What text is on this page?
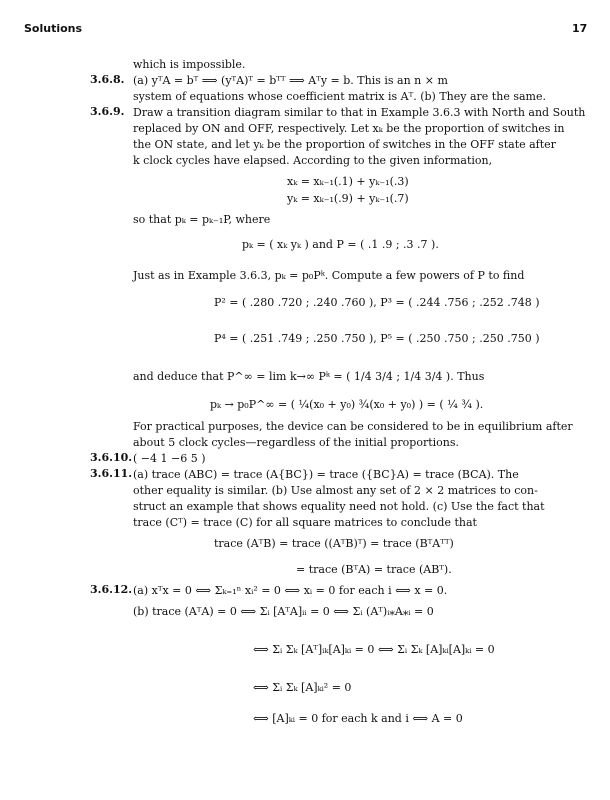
Solutions	17
which is impossible.
3.6.8. (a) yᵀA = bᵀ ⟹ (yᵀA)ᵀ = bᵀᵀ ⟹ Aᵀy = b. This is an n × m
system of equations whose coefficient matrix is Aᵀ. (b) They are the same.
3.6.9. Draw a transition diagram similar to that in Example 3.6.3 with North and South
replaced by ON and OFF, respectively. Let xₖ be the proportion of switches in
the ON state, and let yₖ be the proportion of switches in the OFF state after
k clock cycles have elapsed. According to the given information,
xₖ = xₖ₋₁(.1) + yₖ₋₁(.3)
yₖ = xₖ₋₁(.9) + yₖ₋₁(.7)
so that pₖ = pₖ₋₁P, where
pₖ = ( xₖ yₖ ) and P = ( .1 .9 ; .3 .7 ).
Just as in Example 3.6.3, pₖ = p₀Pᵏ. Compute a few powers of P to find
P² = ( .280 .720 ; .240 .760 ), P³ = ( .244 .756 ; .252 .748 )
P⁴ = ( .251 .749 ; .250 .750 ), P⁵ = ( .250 .750 ; .250 .750 )
and deduce that P^∞ = lim k→∞ Pᵏ = ( 1/4 3/4 ; 1/4 3/4 ). Thus
pₖ → p₀P^∞ = ( ¼(x₀ + y₀) ¾(x₀ + y₀) ) = ( ¼ ¾ ).
For practical purposes, the device can be considered to be in equilibrium after
about 5 clock cycles—regardless of the initial proportions.
3.6.10. ( −4 1 −6 5 )
3.6.11. (a) trace (ABC) = trace (A{BC}) = trace ({BC}A) = trace (BCA). The
other equality is similar. (b) Use almost any set of 2 × 2 matrices to con-
struct an example that shows equality need not hold. (c) Use the fact that
trace (Cᵀ) = trace (C) for all square matrices to conclude that
trace (AᵀB) = trace ((AᵀB)ᵀ) = trace (BᵀAᵀᵀ)
= trace (BᵀA) = trace (ABᵀ).
3.6.12. (a) xᵀx = 0 ⟺ Σₖ₌₁ⁿ xᵢ² = 0 ⟺ xᵢ = 0 for each i ⟺ x = 0.
(b) trace (AᵀA) = 0 ⟺ Σᵢ [AᵀA]ᵢᵢ = 0 ⟺ Σᵢ (Aᵀ)ᵢ⁎A⁎ᵢ = 0
⟺ Σᵢ Σₖ [Aᵀ]ᵢₖ[A]ₖᵢ = 0 ⟺ Σᵢ Σₖ [A]ₖᵢ[A]ₖᵢ = 0
⟺ Σᵢ Σₖ [A]ₖᵢ² = 0
⟺ [A]ₖᵢ = 0 for each k and i ⟺ A = 0
